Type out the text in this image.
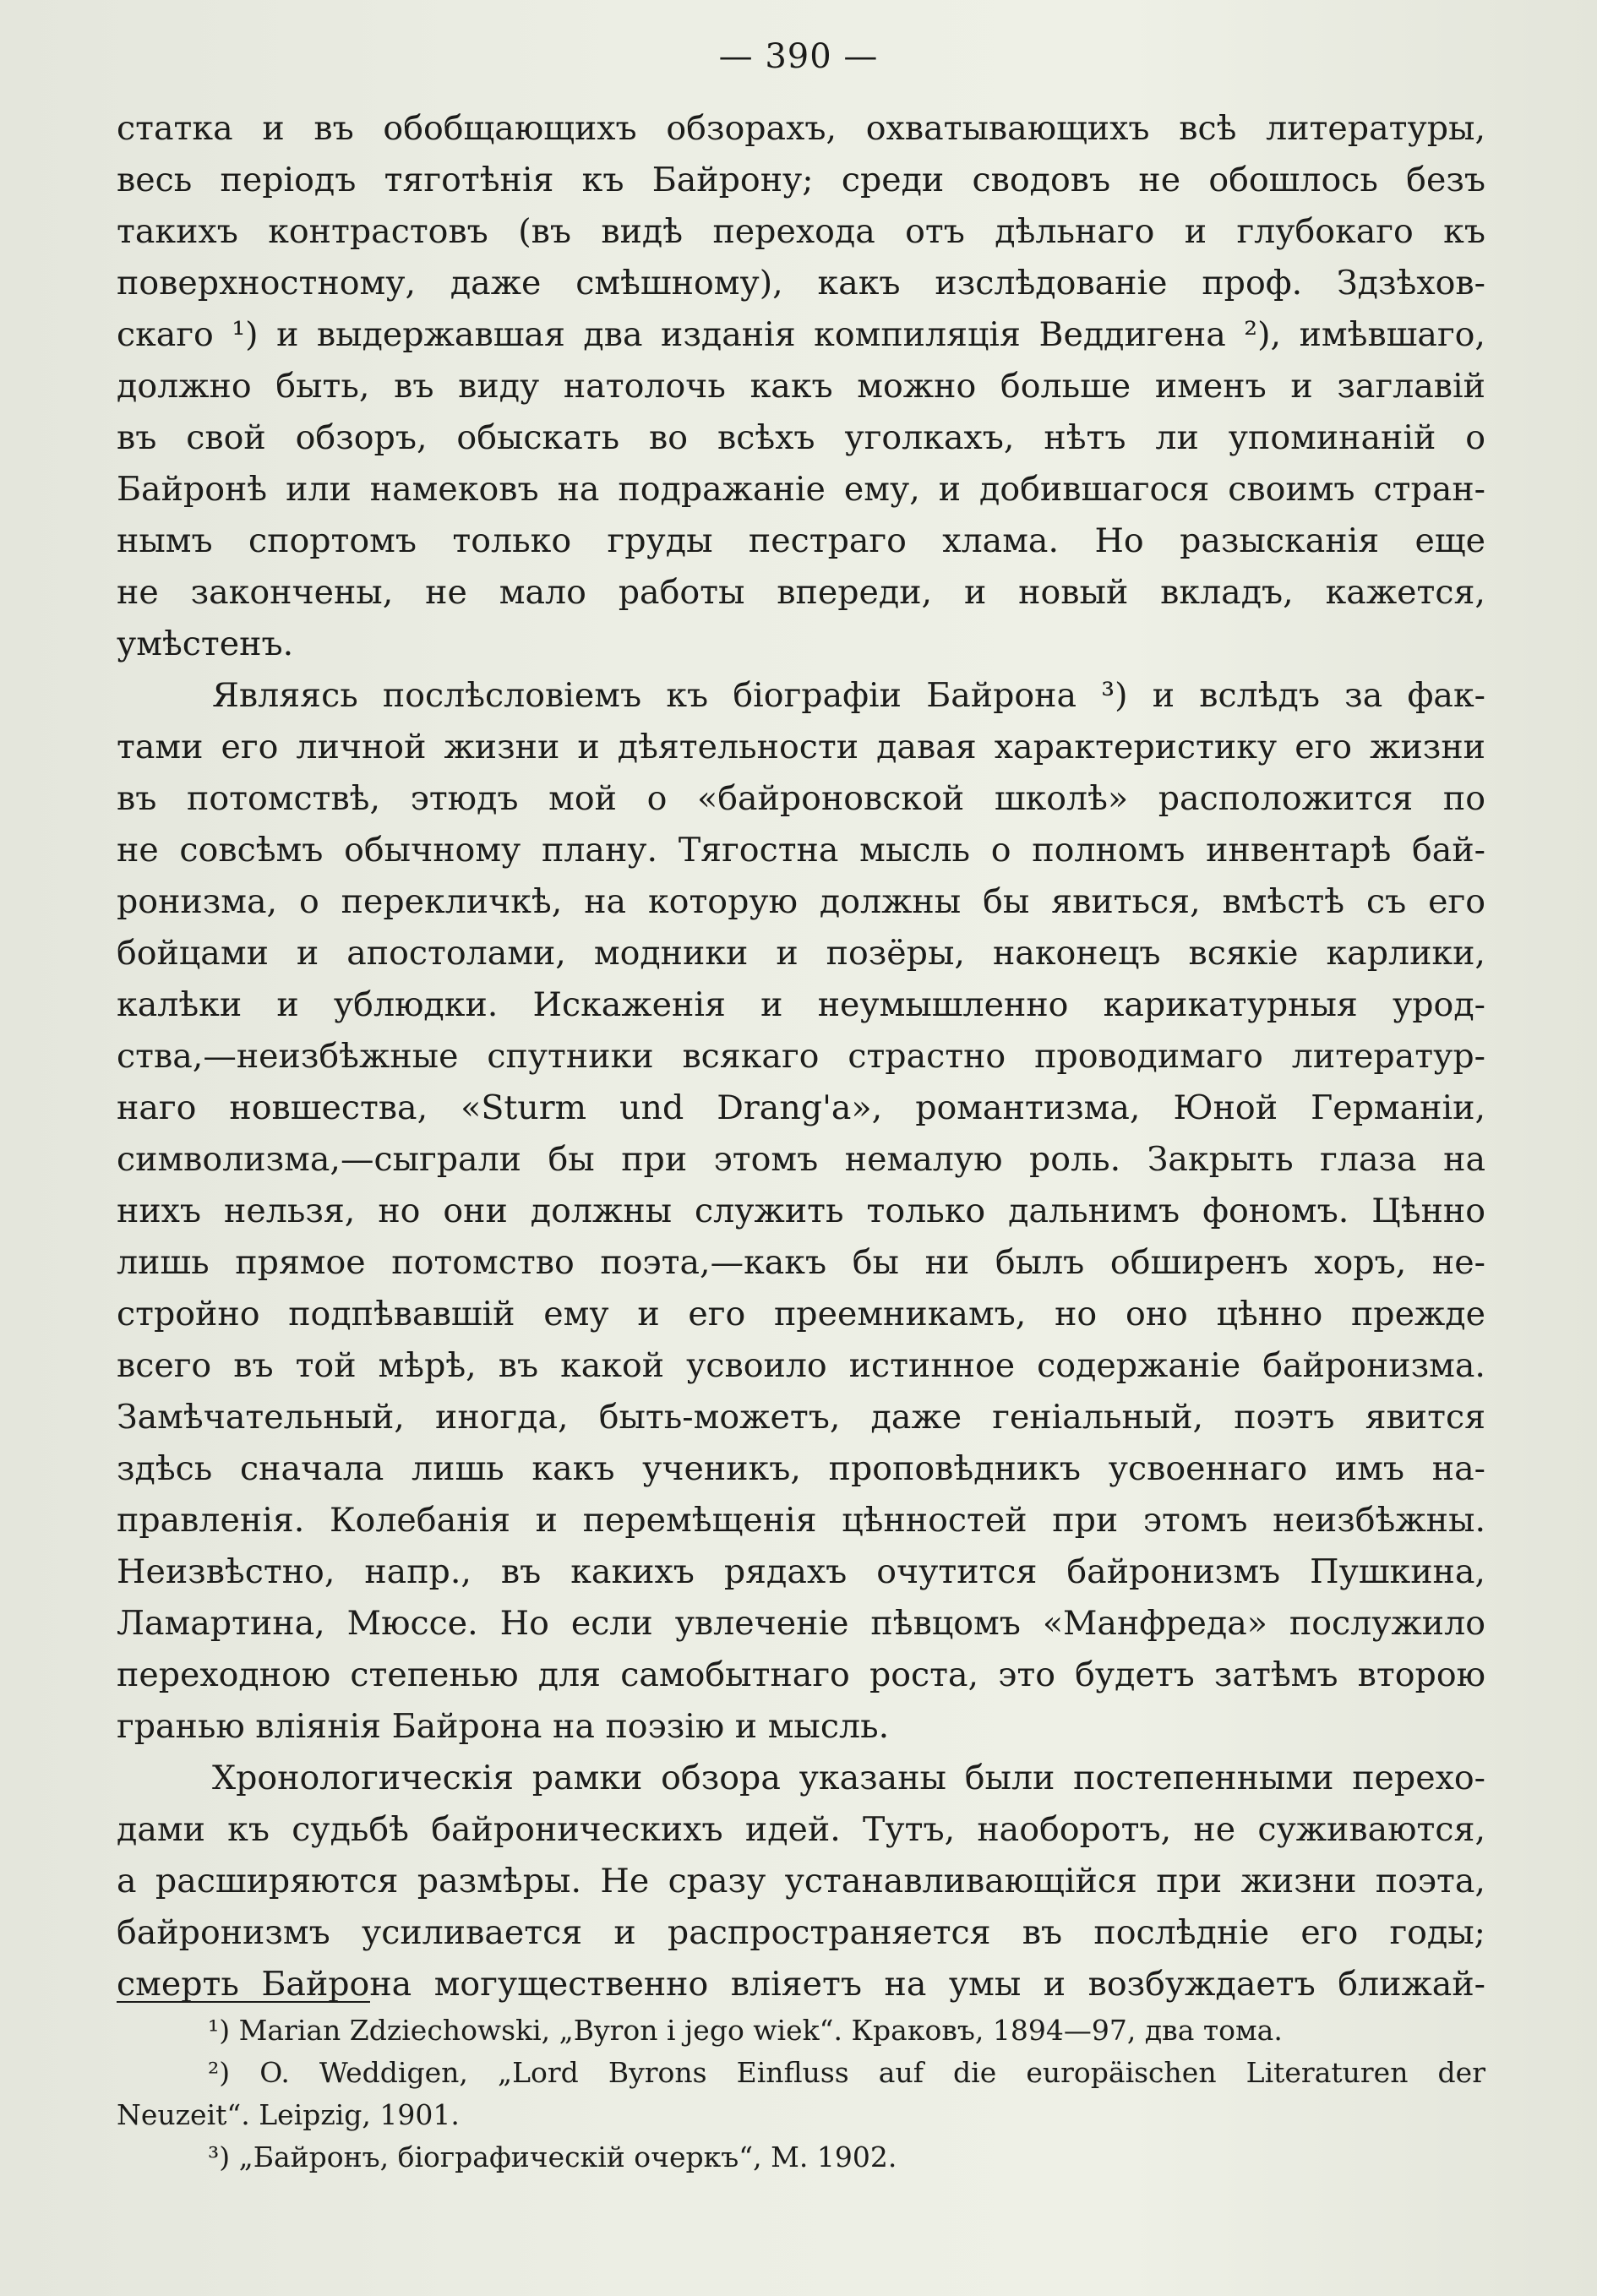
— 390 —

статка и въ обобщающихъ обзорахъ, охватывающихъ всѣ литературы,
весь періодъ тяготѣнія къ Байрону; среди сводовъ не обошлось безъ
такихъ контрастовъ (въ видѣ перехода отъ дѣльнаго и глубокаго къ
поверхностному, даже смѣшному), какъ изслѣдованіе проф. Здзѣхов-
скаго ¹) и выдержавшая два изданія компиляція Веддигена ²), имѣвшаго,
должно быть, въ виду натолочь какъ можно больше именъ и заглавій
въ свой обзоръ, обыскать во всѣхъ уголкахъ, нѣтъ ли упоминаній о
Байронѣ или намековъ на подражаніе ему, и добившагося своимъ стран-
нымъ спортомъ только груды пестраго хлама. Но разысканія еще
не закончены, не мало работы впереди, и новый вкладъ, кажется,
умѣстенъ.

Являясь послѣсловіемъ къ біографіи Байрона ³) и вслѣдъ за фак-
тами его личной жизни и дѣятельности давая характеристику его жизни
въ потомствѣ, этюдъ мой о «байроновской школѣ» расположится по
не совсѣмъ обычному плану. Тягостна мысль о полномъ инвентарѣ бай-
ронизма, о перекличкѣ, на которую должны бы явиться, вмѣстѣ съ его
бойцами и апостолами, модники и позёры, наконецъ всякіе карлики,
калѣки и ублюдки. Искаженія и неумышленно карикатурныя урод-
ства,—неизбѣжные спутники всякаго страстно проводимаго литератур-
наго новшества, «Sturm und Drang'a», романтизма, Юной Германіи,
символизма,—сыграли бы при этомъ немалую роль. Закрыть глаза на
нихъ нельзя, но они должны служить только дальнимъ фономъ. Цѣнно
лишь прямое потомство поэта,—какъ бы ни былъ обширенъ хоръ, не-
стройно подпѣвавшій ему и его преемникамъ, но оно цѣнно прежде
всего въ той мѣрѣ, въ какой усвоило истинное содержаніе байронизма.
Замѣчательный, иногда, быть-можетъ, даже геніальный, поэтъ явится
здѣсь сначала лишь какъ ученикъ, проповѣдникъ усвоеннаго имъ на-
правленія. Колебанія и перемѣщенія цѣнностей при этомъ неизбѣжны.
Неизвѣстно, напр., въ какихъ рядахъ очутится байронизмъ Пушкина,
Ламартина, Мюссе. Но если увлеченіе пѣвцомъ «Манфреда» послужило
переходною степенью для самобытнаго роста, это будетъ затѣмъ второю
гранью вліянія Байрона на поэзію и мысль.

Хронологическія рамки обзора указаны были постепенными перехо-
дами къ судьбѣ байроническихъ идей. Тутъ, наоборотъ, не суживаются,
а расширяются размѣры. Не сразу устанавливающійся при жизни поэта,
байронизмъ усиливается и распространяется въ послѣдніе его годы;
смерть Байрона могущественно вліяетъ на умы и возбуждаетъ ближай-

¹) Marian Zdziechowski, „Byron i jego wiek“. Краковъ, 1894—97, два тома.

²) O. Weddigen, „Lord Byrons Einfluss auf die europäischen Literaturen der

Neuzeit“. Leipzig, 1901.

³) „Байронъ, біографическій очеркъ“, М. 1902.
